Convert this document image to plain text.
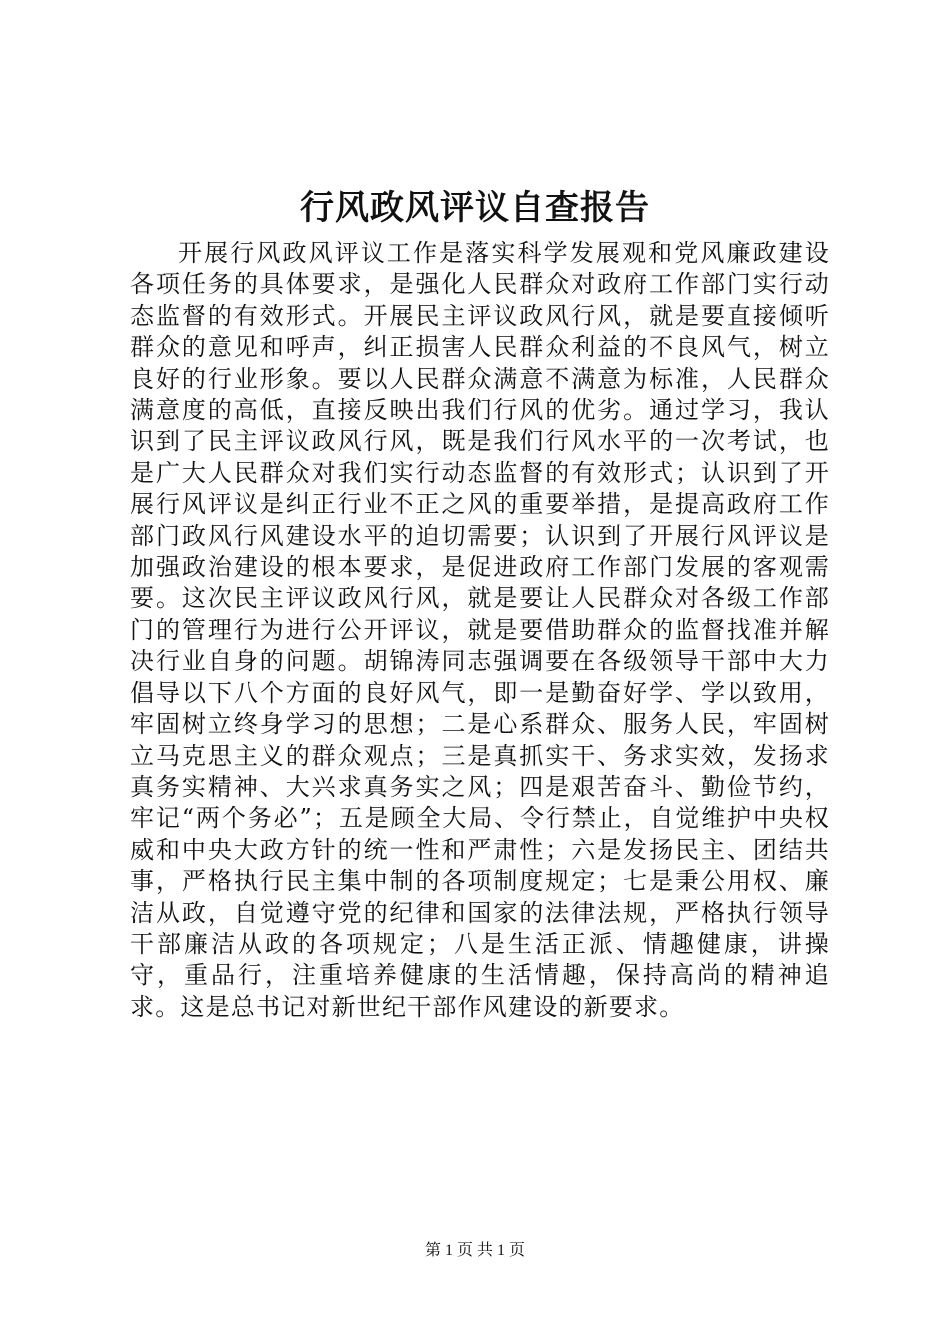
行风政风评议自查报告

开展行风政风评议工作是落实科学发展观和党风廉政建设各项任务的具体要求，是强化人民群众对政府工作部门实行动态监督的有效形式。开展民主评议政风行风，就是要直接倾听群众的意见和呼声，纠正损害人民群众利益的不良风气，树立良好的行业形象。要以人民群众满意不满意为标准，人民群众满意度的高低，直接反映出我们行风的优劣。通过学习，我认识到了民主评议政风行风，既是我们行风水平的一次考试，也是广大人民群众对我们实行动态监督的有效形式；认识到了开展行风评议是纠正行业不正之风的重要举措，是提高政府工作部门政风行风建设水平的迫切需要；认识到了开展行风评议是加强政治建设的根本要求，是促进政府工作部门发展的客观需要。这次民主评议政风行风，就是要让人民群众对各级工作部门的管理行为进行公开评议，就是要借助群众的监督找准并解决行业自身的问题。胡锦涛同志强调要在各级领导干部中大力倡导以下八个方面的良好风气，即一是勤奋好学、学以致用，牢固树立终身学习的思想；二是心系群众、服务人民，牢固树立马克思主义的群众观点；三是真抓实干、务求实效，发扬求真务实精神、大兴求真务实之风；四是艰苦奋斗、勤俭节约，牢记“两个务必”；五是顾全大局、令行禁止，自觉维护中央权威和中央大政方针的统一性和严肃性；六是发扬民主、团结共事，严格执行民主集中制的各项制度规定；七是秉公用权、廉洁从政，自觉遵守党的纪律和国家的法律法规，严格执行领导干部廉洁从政的各项规定；八是生活正派、情趣健康，讲操守，重品行，注重培养健康的生活情趣，保持高尚的精神追求。这是总书记对新世纪干部作风建设的新要求。

第 1 页 共 1 页
